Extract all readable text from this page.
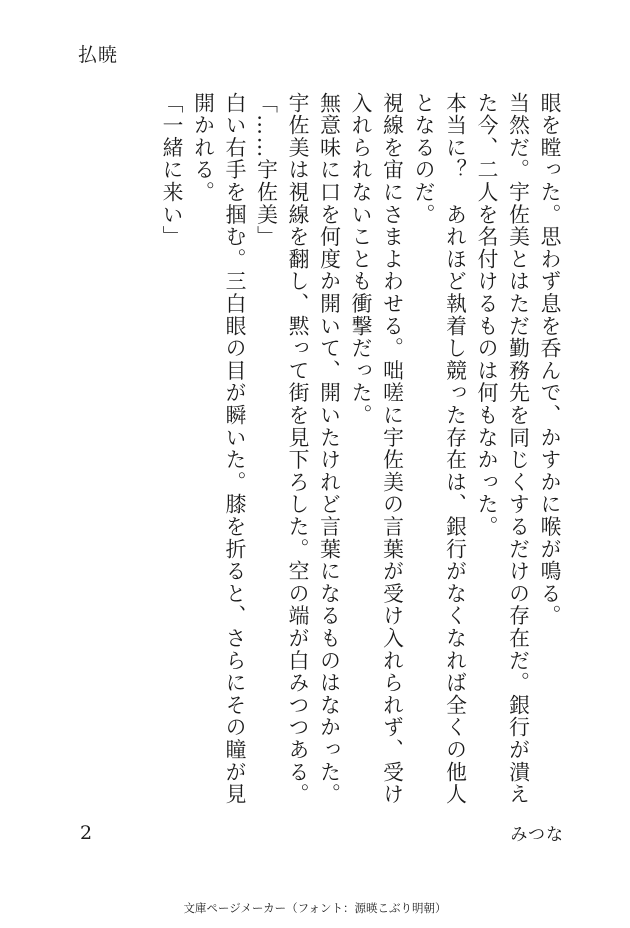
払暁
眼を瞠った。思わず息を呑んで、かすかに喉が鳴る。
当然だ。宇佐美とはただ勤務先を同じくするだけの存在だ。銀行が潰え
た今、二人を名付けるものは何もなかった。
本当に？　あれほど執着し競った存在は、銀行がなくなれば全くの他人
となるのだ。
視線を宙にさまよわせる。咄嗟に宇佐美の言葉が受け入れられず、受け
入れられないことも衝撃だった。
無意味に口を何度か開いて、開いたけれど言葉になるものはなかった。
宇佐美は視線を翻し、黙って街を見下ろした。空の端が白みつつある。
「……宇佐美」
白い右手を掴む。三白眼の目が瞬いた。膝を折ると、さらにその瞳が見
開かれる。
「一緒に来い」
2	みつな
文庫ページメーカー（フォント：源暎こぶり明朝）
